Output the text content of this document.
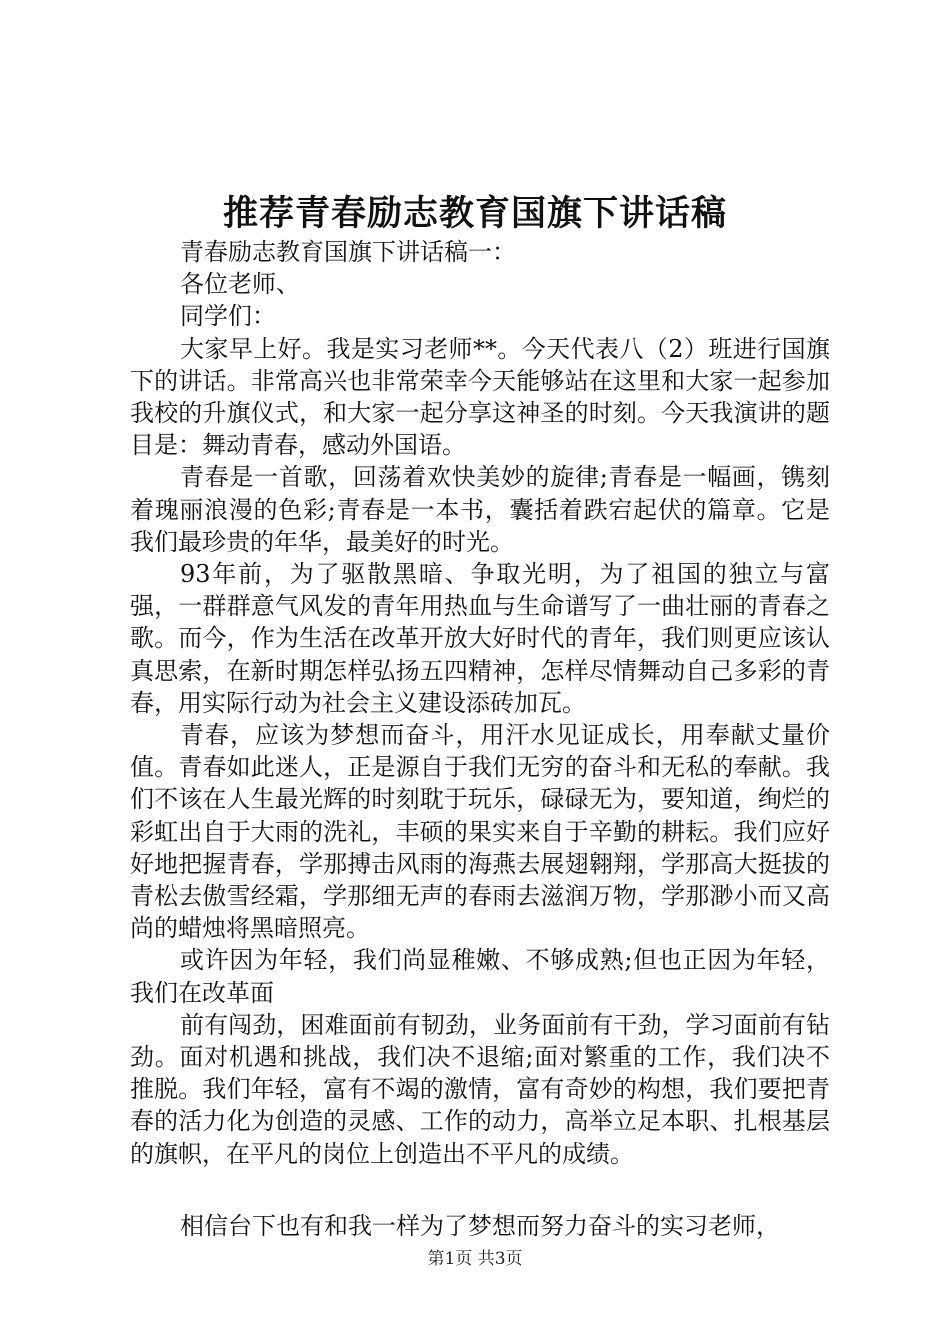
推荐青春励志教育国旗下讲话稿

青春励志教育国旗下讲话稿一：

各位老师、

同学们：

大家早上好。我是实习老师**。今天代表八（2）班进行国旗下的讲话。非常高兴也非常荣幸今天能够站在这里和大家一起参加我校的升旗仪式，和大家一起分享这神圣的时刻。今天我演讲的题目是：舞动青春，感动外国语。

青春是一首歌，回荡着欢快美妙的旋律;青春是一幅画，镌刻着瑰丽浪漫的色彩;青春是一本书，囊括着跌宕起伏的篇章。它是我们最珍贵的年华，最美好的时光。

93年前，为了驱散黑暗、争取光明，为了祖国的独立与富强，一群群意气风发的青年用热血与生命谱写了一曲壮丽的青春之歌。而今，作为生活在改革开放大好时代的青年，我们则更应该认真思索，在新时期怎样弘扬五四精神，怎样尽情舞动自己多彩的青春，用实际行动为社会主义建设添砖加瓦。

青春，应该为梦想而奋斗，用汗水见证成长，用奉献丈量价值。青春如此迷人，正是源自于我们无穷的奋斗和无私的奉献。我们不该在人生最光辉的时刻耽于玩乐，碌碌无为，要知道，绚烂的彩虹出自于大雨的洗礼，丰硕的果实来自于辛勤的耕耘。我们应好好地把握青春，学那搏击风雨的海燕去展翅翱翔，学那高大挺拔的青松去傲雪经霜，学那细无声的春雨去滋润万物，学那渺小而又高尚的蜡烛将黑暗照亮。

或许因为年轻，我们尚显稚嫩、不够成熟;但也正因为年轻，我们在改革面

前有闯劲，困难面前有韧劲，业务面前有干劲，学习面前有钻劲。面对机遇和挑战，我们决不退缩;面对繁重的工作，我们决不推脱。我们年轻，富有不竭的激情，富有奇妙的构想，我们要把青春的活力化为创造的灵感、工作的动力，高举立足本职、扎根基层的旗帜，在平凡的岗位上创造出不平凡的成绩。

相信台下也有和我一样为了梦想而努力奋斗的实习老师，

第1页 共3页
